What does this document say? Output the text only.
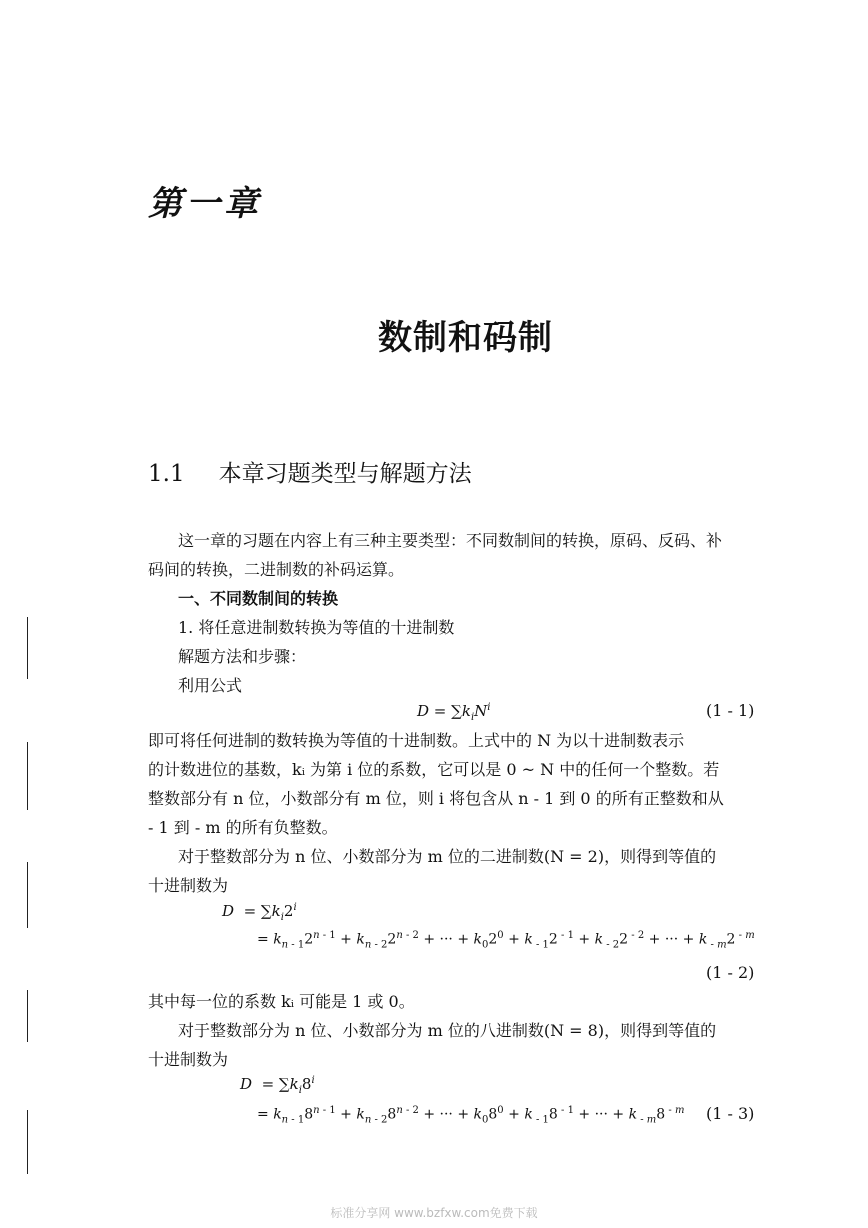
第一章
数制和码制
1.1 本章习题类型与解题方法
这一章的习题在内容上有三种主要类型：不同数制间的转换，原码、反码、补
码间的转换，二进制数的补码运算。
一、不同数制间的转换
1. 将任意进制数转换为等值的十进制数
解题方法和步骤：
利用公式
$D = \sum k_iN^i$	(1 - 1)
即可将任何进制的数转换为等值的十进制数。上式中的 N 为以十进制数表示
的计数进位的基数，kᵢ 为第 i 位的系数，它可以是 0 ~ N 中的任何一个整数。若
整数部分有 n 位，小数部分有 m 位，则 i 将包含从 n - 1 到 0 的所有正整数和从
- 1 到 - m 的所有负整数。
对于整数部分为 n 位、小数部分为 m 位的二进制数(N = 2)，则得到等值的
十进制数为
$D = \sum k_i2^i$
= $k_{n - 1}2^{n - 1} + k_{n - 2}2^{n - 2}$ + ··· + $k_02^0 + k$ $_{- 1}$2 $^{- 1}$ + k $_{- 2}$2 $^{- 2}$ + ··· + k $_{- m}$2 $^{- m}$
(1 - 2)
其中每一位的系数 kᵢ 可能是 1 或 0。
对于整数部分为 n 位、小数部分为 m 位的八进制数(N = 8)，则得到等值的
十进制数为
$D = \sum k_i8^i$
= $k_{n - 1}8^{n - 1} + k_{n - 2}8^{n - 2}$ + ··· + $k_08^0 + k$ $_{- 1}$8 $^{- 1}$ + ··· + k $_{- m}$8 $^{- m}$ (1 - 3)
标准分享网 www.bzfxw.com免费下载
